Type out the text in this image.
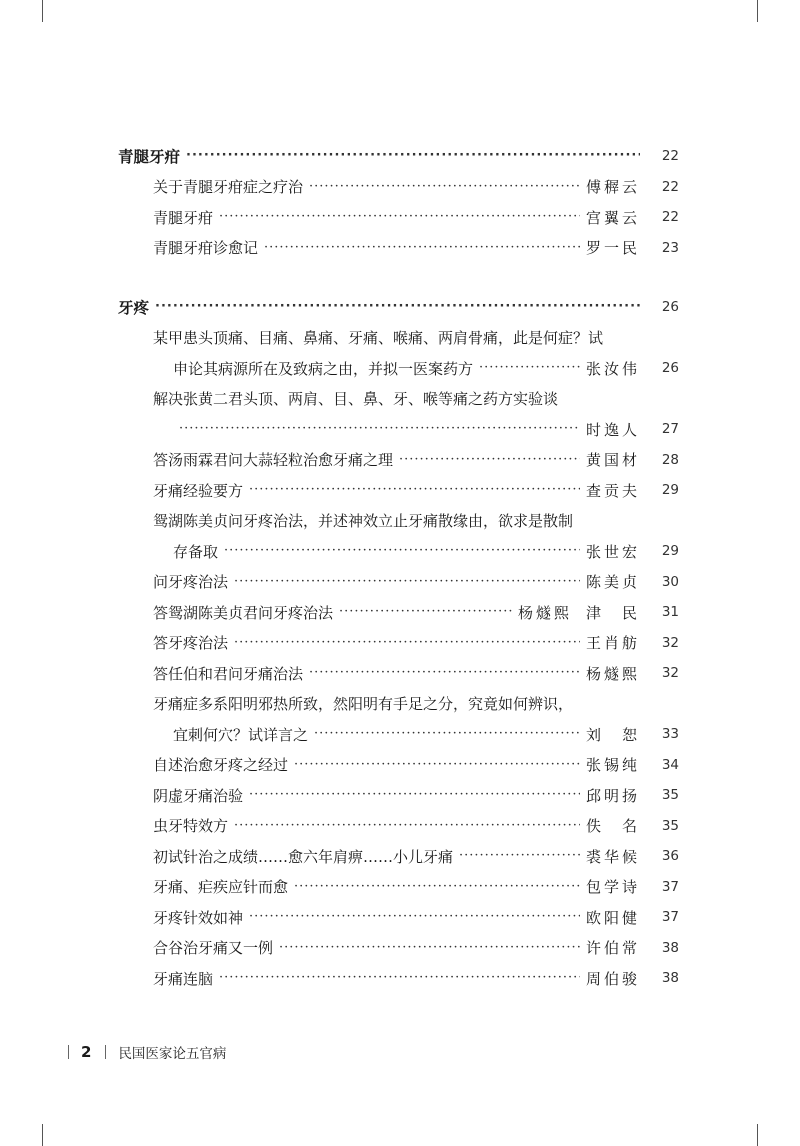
青腿牙疳 ·····	22
关于青腿牙疳症之疗治 ·····	傅稺云	22
青腿牙疳 ·····	宫翼云	22
青腿牙疳诊愈记 ·····	罗一民	23
牙疼 ·····	26
某甲患头顶痛、目痛、鼻痛、牙痛、喉痛、两肩骨痛，此是何症？试
申论其病源所在及致病之由，并拟一医案药方 ·····	张汝伟	26
解决张黄二君头顶、两肩、目、鼻、牙、喉等痛之药方实验谈
·····
时逸人	27
答汤雨霖君问大蒜轻粒治愈牙痛之理 ·····	黄国材	28
牙痛经验要方 ·····	查贡夫	29
鸳湖陈美贞问牙疼治法，并述神效立止牙痛散缘由，欲求是散制
存备取 ·····	张世宏	29
问牙疼治法 ·····	陈美贞	30
答鸳湖陈美贞君问牙疼治法 ·····	杨燧熙 津　民	31
答牙疼治法 ·····	王肖舫	32
答任伯和君问牙痛治法 ·····	杨燧熙	32
牙痛症多系阳明邪热所致，然阳明有手足之分，究竟如何辨识，
宜刺何穴？试详言之 ·····	刘　恕	33
自述治愈牙疼之经过 ·····	张锡纯	34
阴虚牙痛治验 ·····	邱明扬	35
虫牙特效方 ·····	佚　名	35
初试针治之成绩……愈六年肩痹……小儿牙痛 ·····	裘华候	36
牙痛、疟疾应针而愈 ·····	包学诗	37
牙疼针效如神 ·····	欧阳健	37
合谷治牙痛又一例 ·····	许伯常	38
牙痛连脑 ·····	周伯骏	38
2 民国医家论五官病
